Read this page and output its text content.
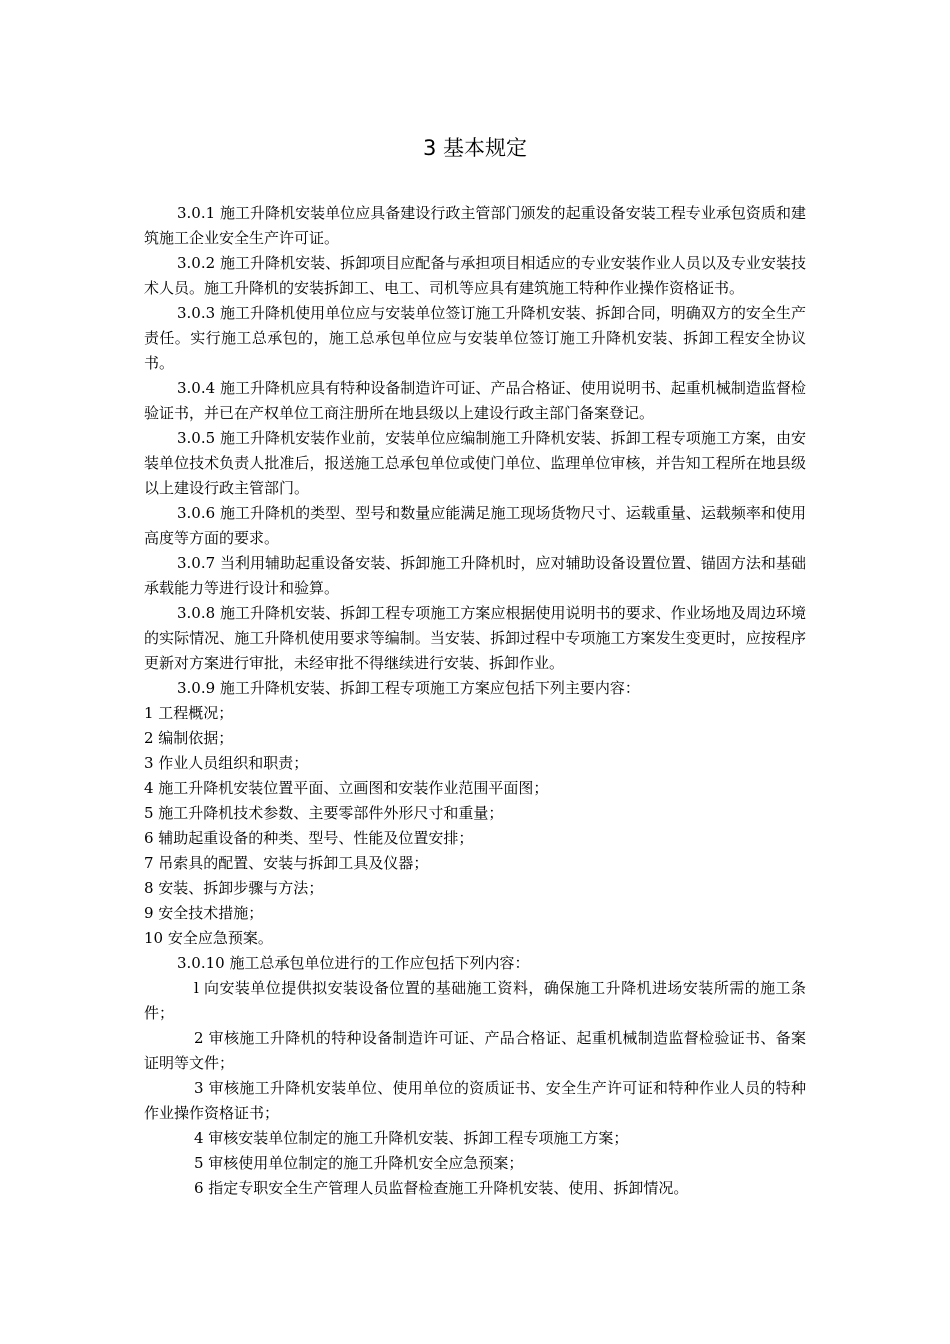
3 基本规定

3.0.1 施工升降机安装单位应具备建设行政主管部门颁发的起重设备安装工程专业承包资质和建筑施工企业安全生产许可证。

3.0.2 施工升降机安装、拆卸项目应配备与承担项目相适应的专业安装作业人员以及专业安装技术人员。施工升降机的安装拆卸工、电工、司机等应具有建筑施工特种作业操作资格证书。

3.0.3 施工升降机使用单位应与安装单位签订施工升降机安装、拆卸合同，明确双方的安全生产责任。实行施工总承包的，施工总承包单位应与安装单位签订施工升降机安装、拆卸工程安全协议书。

3.0.4 施工升降机应具有特种设备制造许可证、产品合格证、使用说明书、起重机械制造监督检验证书，并已在产权单位工商注册所在地县级以上建设行政主部门备案登记。

3.0.5 施工升降机安装作业前，安装单位应编制施工升降机安装、拆卸工程专项施工方案，由安装单位技术负责人批准后，报送施工总承包单位或使门单位、监理单位审核，并告知工程所在地县级以上建设行政主管部门。

3.0.6 施工升降机的类型、型号和数量应能满足施工现场货物尺寸、运载重量、运载频率和使用高度等方面的要求。

3.0.7 当利用辅助起重设备安装、拆卸施工升降机时，应对辅助设备设置位置、锚固方法和基础承载能力等进行设计和验算。

3.0.8 施工升降机安装、拆卸工程专项施工方案应根据使用说明书的要求、作业场地及周边环境的实际情况、施工升降机使用要求等编制。当安装、拆卸过程中专项施工方案发生变更时，应按程序更新对方案进行审批，未经审批不得继续进行安装、拆卸作业。

3.0.9 施工升降机安装、拆卸工程专项施工方案应包括下列主要内容：

1 工程概况；

2 编制依据；

3 作业人员组织和职责；

4 施工升降机安装位置平面、立画图和安装作业范围平面图；

5 施工升降机技术参数、主要零部件外形尺寸和重量；

6 辅助起重设备的种类、型号、性能及位置安排；

7 吊索具的配置、安装与拆卸工具及仪器；

8 安装、拆卸步骤与方法；

9 安全技术措施；

10 安全应急预案。

3.0.10 施工总承包单位进行的工作应包括下列内容：

l 向安装单位提供拟安装设备位置的基础施工资料，确保施工升降机进场安装所需的施工条件；

2 审核施工升降机的特种设备制造许可证、产品合格证、起重机械制造监督检验证书、备案证明等文件；

3 审核施工升降机安装单位、使用单位的资质证书、安全生产许可证和特种作业人员的特种作业操作资格证书；

4 审核安装单位制定的施工升降机安装、拆卸工程专项施工方案；

5 审核使用单位制定的施工升降机安全应急预案；

6 指定专职安全生产管理人员监督检查施工升降机安装、使用、拆卸情况。
